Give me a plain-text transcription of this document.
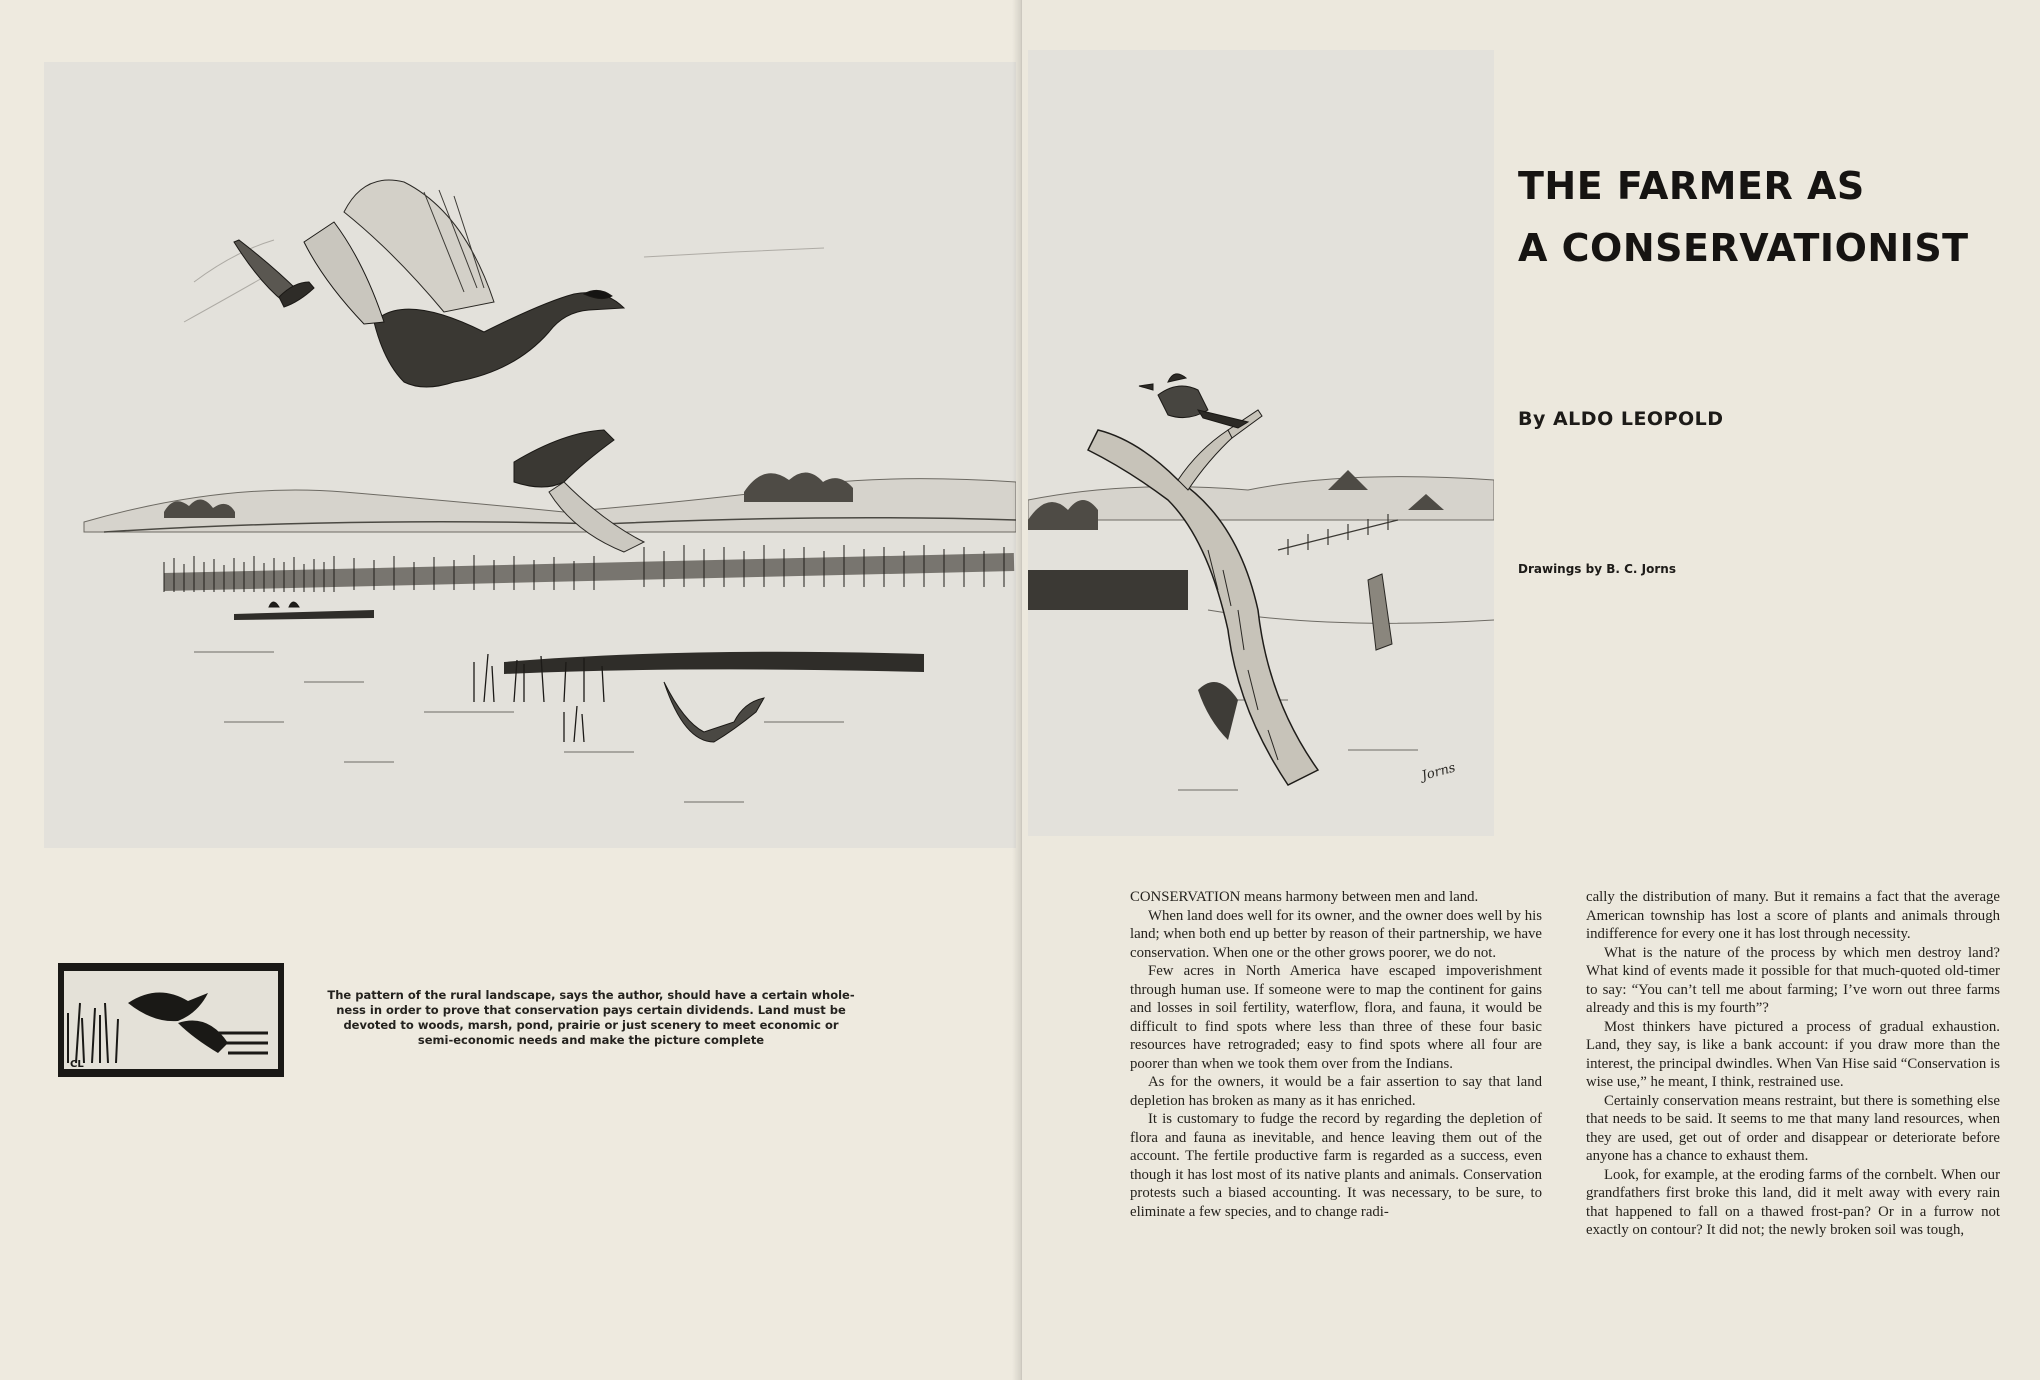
CL
The pattern of the rural landscape, says the author, should have a certain whole-
ness in order to prove that conservation pays certain dividends. Land must be
devoted to woods, marsh, pond, prairie or just scenery to meet economic or
semi-economic needs and make the picture complete
Jorns
THE FARMER AS
A CONSERVATIONIST
By ALDO LEOPOLD
Drawings by B. C. Jorns

CONSERVATION means harmony between men and land.

When land does well for its owner, and the owner does well by his land; when both end up better by reason of their partnership, we have conservation. When one or the other grows poorer, we do not.

Few acres in North America have escaped impoverishment through human use. If someone were to map the continent for gains and losses in soil fertility, waterflow, flora, and fauna, it would be difficult to find spots where less than three of these four basic resources have retrograded; easy to find spots where all four are poorer than when we took them over from the Indians.

As for the owners, it would be a fair assertion to say that land depletion has broken as many as it has enriched.

It is customary to fudge the record by regarding the depletion of flora and fauna as inevitable, and hence leaving them out of the account. The fertile productive farm is regarded as a success, even though it has lost most of its native plants and animals. Conservation protests such a biased accounting. It was necessary, to be sure, to eliminate a few species, and to change radi-

cally the distribution of many. But it remains a fact that the average American township has lost a score of plants and animals through indifference for every one it has lost through necessity.

What is the nature of the process by which men destroy land? What kind of events made it possible for that much-quoted old-timer to say: “You can’t tell me about farming; I’ve worn out three farms already and this is my fourth”?

Most thinkers have pictured a process of gradual exhaustion. Land, they say, is like a bank account: if you draw more than the interest, the principal dwindles. When Van Hise said “Conservation is wise use,” he meant, I think, restrained use.

Certainly conservation means restraint, but there is something else that needs to be said. It seems to me that many land resources, when they are used, get out of order and disappear or deteriorate before anyone has a chance to exhaust them.

Look, for example, at the eroding farms of the cornbelt. When our grandfathers first broke this land, did it melt away with every rain that happened to fall on a thawed frost-pan? Or in a furrow not exactly on contour? It did not; the newly broken soil was tough,
